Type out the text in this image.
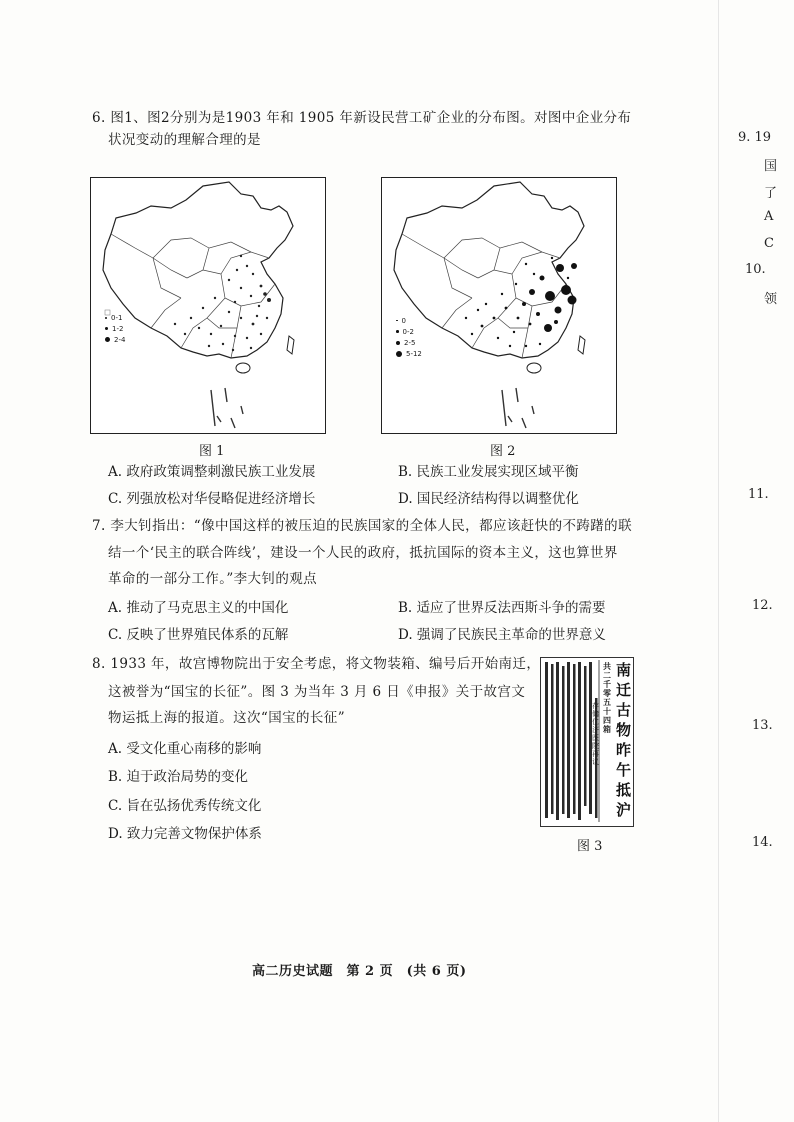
6. 图1、图2分别为是1903 年和 1905 年新设民营工矿企业的分布图。对图中企业分布
状况变动的理解合理的是
0-1
1-2
2-4
图 1
0
0-2
2-5
5-12
图 2
A. 政府政策调整刺激民族工业发展	B. 民族工业发展实现区域平衡
C. 列强放松对华侵略促进经济增长	D. 国民经济结构得以调整优化
7. 李大钊指出：“像中国这样的被压迫的民族国家的全体人民，都应该赶快的不踌躇的联
结一个‘民主的联合阵线’，建设一个人民的政府，抵抗国际的资本主义，这也算世界
革命的一部分工作。”李大钊的观点
A. 推动了马克思主义的中国化	B. 适应了世界反法西斯斗争的需要
C. 反映了世界殖民体系的瓦解	D. 强调了民族民主革命的世界意义
8. 1933 年，故宫博物院出于安全考虑，将文物装箱、编号后开始南迁，
这被誉为“国宝的长征”。图 3 为当年 3 月 6 日《申报》关于故宫文
物运抵上海的报道。这次“国宝的长征”
A. 受文化重心南移的影响
B. 迫于政治局势的变化
C. 旨在弘扬优秀传统文化
D. 致力完善文物保护体系
共二千零五十四箱
存储仁济医院再议
南迁古物昨午抵沪
图 3
高二历史试题　第 2 页　(共 6 页)
9. 19
国
了
A
C
10.
领
11.
12.
13.
14.
